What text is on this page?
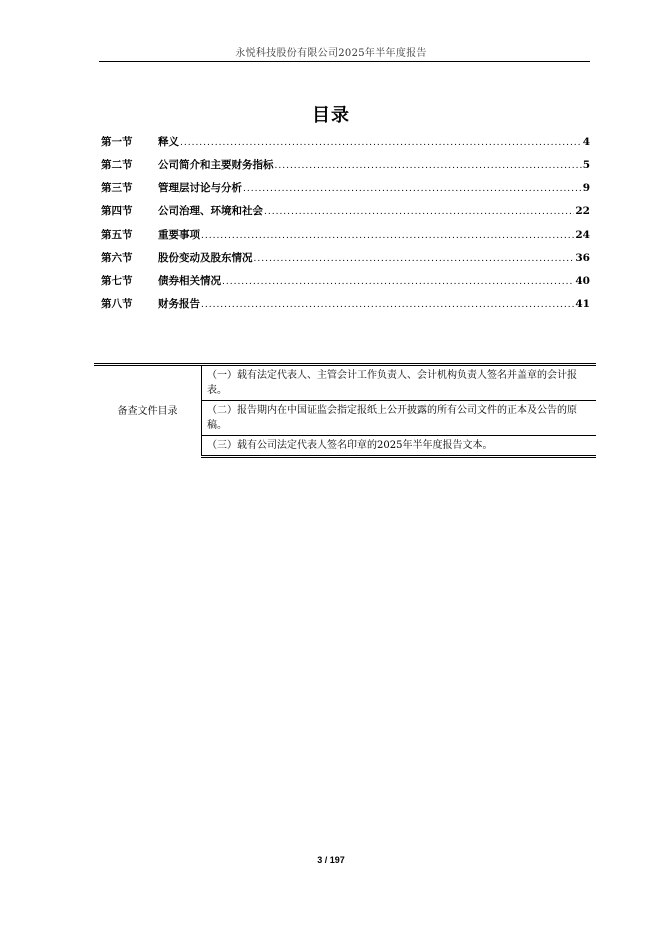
永悦科技股份有限公司2025年半年度报告
目录
第一节	释义 .....	4
第二节	公司简介和主要财务指标 .....	5
第三节	管理层讨论与分析 .....	9
第四节	公司治理、环境和社会 .....	22
第五节	重要事项 .....	24
第六节	股份变动及股东情况 .....	36
第七节	债券相关情况 .....	40
第八节	财务报告 .....	41
备查文件目录	（一）载有法定代表人、主管会计工作负责人、会计机构负责人签名并盖章的会计报表。
（二）报告期内在中国证监会指定报纸上公开披露的所有公司文件的正本及公告的原稿。
（三）载有公司法定代表人签名印章的2025年半年度报告文本。
3 / 197
